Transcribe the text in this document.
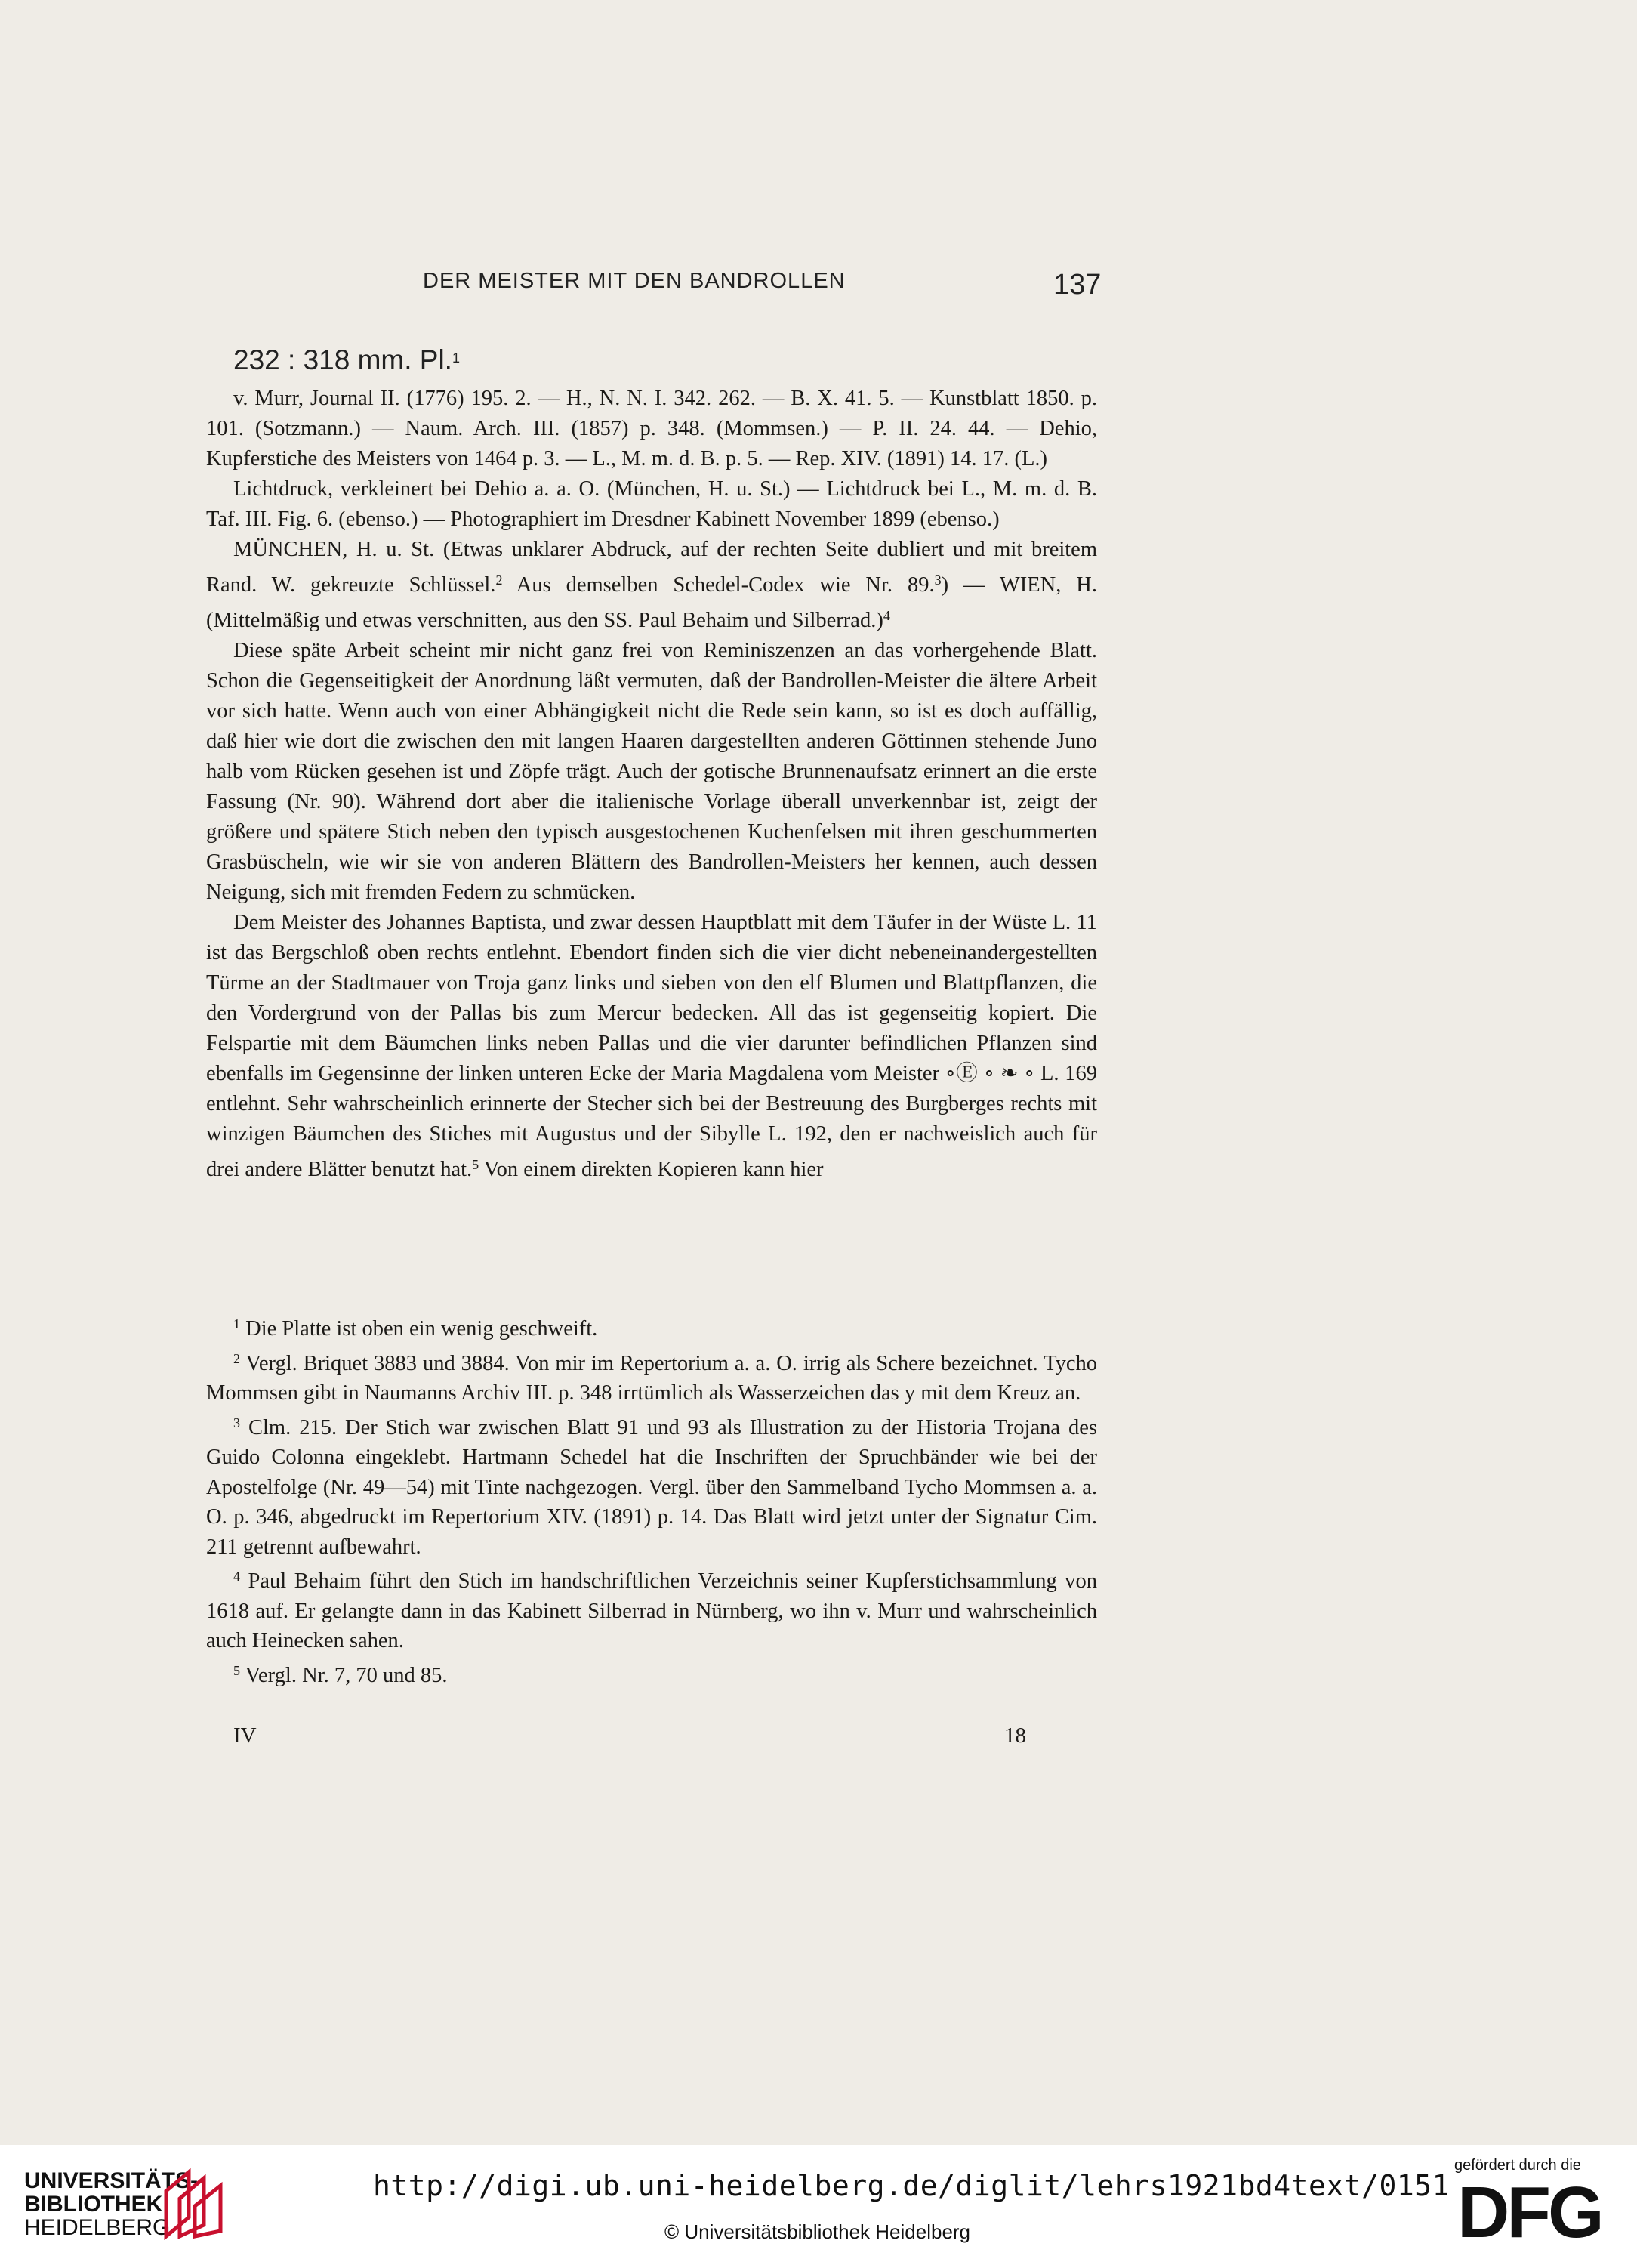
DER MEISTER MIT DEN BANDROLLEN	137
232 : 318 mm. Pl.$^1$

v. Murr, Journal II. (1776) 195. 2. — H., N. N. I. 342. 262. — B. X. 41. 5. — Kunstblatt 1850. p. 101. (Sotzmann.) — Naum. Arch. III. (1857) p. 348. (Mommsen.) — P. II. 24. 44. — Dehio, Kupferstiche des Meisters von 1464 p. 3. — L., M. m. d. B. p. 5. — Rep. XIV. (1891) 14. 17. (L.)

Lichtdruck, verkleinert bei Dehio a. a. O. (München, H. u. St.) — Lichtdruck bei L., M. m. d. B. Taf. III. Fig. 6. (ebenso.) — Photographiert im Dresdner Kabinett November 1899 (ebenso.)

MÜNCHEN, H. u. St. (Etwas unklarer Abdruck, auf der rechten Seite dubliert und mit breitem Rand. W. gekreuzte Schlüssel.$^2$ Aus demselben Schedel-Codex wie Nr. 89.$^3$) — WIEN, H. (Mittelmäßig und etwas verschnitten, aus den SS. Paul Behaim und Silberrad.)$^4$

Diese späte Arbeit scheint mir nicht ganz frei von Reminiszenzen an das vorhergehende Blatt. Schon die Gegenseitigkeit der Anordnung läßt vermuten, daß der Bandrollen-Meister die ältere Arbeit vor sich hatte. Wenn auch von einer Abhängigkeit nicht die Rede sein kann, so ist es doch auffällig, daß hier wie dort die zwischen den mit langen Haaren dargestellten anderen Göttinnen stehende Juno halb vom Rücken gesehen ist und Zöpfe trägt. Auch der gotische Brunnenaufsatz erinnert an die erste Fassung (Nr. 90). Während dort aber die italienische Vorlage überall unverkennbar ist, zeigt der größere und spätere Stich neben den typisch ausgestochenen Kuchenfelsen mit ihren geschummerten Grasbüscheln, wie wir sie von anderen Blättern des Bandrollen-Meisters her kennen, auch dessen Neigung, sich mit fremden Federn zu schmücken.

Dem Meister des Johannes Baptista, und zwar dessen Hauptblatt mit dem Täufer in der Wüste L. 11 ist das Bergschloß oben rechts entlehnt. Ebendort finden sich die vier dicht nebeneinandergestellten Türme an der Stadtmauer von Troja ganz links und sieben von den elf Blumen und Blattpflanzen, die den Vordergrund von der Pallas bis zum Mercur bedecken. All das ist gegenseitig kopiert. Die Felspartie mit dem Bäumchen links neben Pallas und die vier darunter befindlichen Pflanzen sind ebenfalls im Gegensinne der linken unteren Ecke der Maria Magdalena vom Meister ∘Ⓔ ∘ ❧ ∘ L. 169 entlehnt. Sehr wahrscheinlich erinnerte der Stecher sich bei der Bestreuung des Burgberges rechts mit winzigen Bäumchen des Stiches mit Augustus und der Sibylle L. 192, den er nachweislich auch für drei andere Blätter benutzt hat.$^5$ Von einem direkten Kopieren kann hier

$^1$ Die Platte ist oben ein wenig geschweift.

$^2$ Vergl. Briquet 3883 und 3884. Von mir im Repertorium a. a. O. irrig als Schere bezeichnet. Tycho Mommsen gibt in Naumanns Archiv III. p. 348 irrtümlich als Wasserzeichen das y mit dem Kreuz an.

$^3$ Clm. 215. Der Stich war zwischen Blatt 91 und 93 als Illustration zu der Historia Trojana des Guido Colonna eingeklebt. Hartmann Schedel hat die Inschriften der Spruchbänder wie bei der Apostelfolge (Nr. 49—54) mit Tinte nachgezogen. Vergl. über den Sammelband Tycho Mommsen a. a. O. p. 346, abgedruckt im Repertorium XIV. (1891) p. 14. Das Blatt wird jetzt unter der Signatur Cim. 211 getrennt aufbewahrt.

$^4$ Paul Behaim führt den Stich im handschriftlichen Verzeichnis seiner Kupferstichsammlung von 1618 auf. Er gelangte dann in das Kabinett Silberrad in Nürnberg, wo ihn v. Murr und wahrscheinlich auch Heinecken sahen.

$^5$ Vergl. Nr. 7, 70 und 85.

IV	18
UNIVERSITÄTS-
BIBLIOTHEK
HEIDELBERG
http://digi.ub.uni-heidelberg.de/diglit/lehrs1921bd4text/0151
© Universitätsbibliothek Heidelberg
gefördert durch die
DFG
